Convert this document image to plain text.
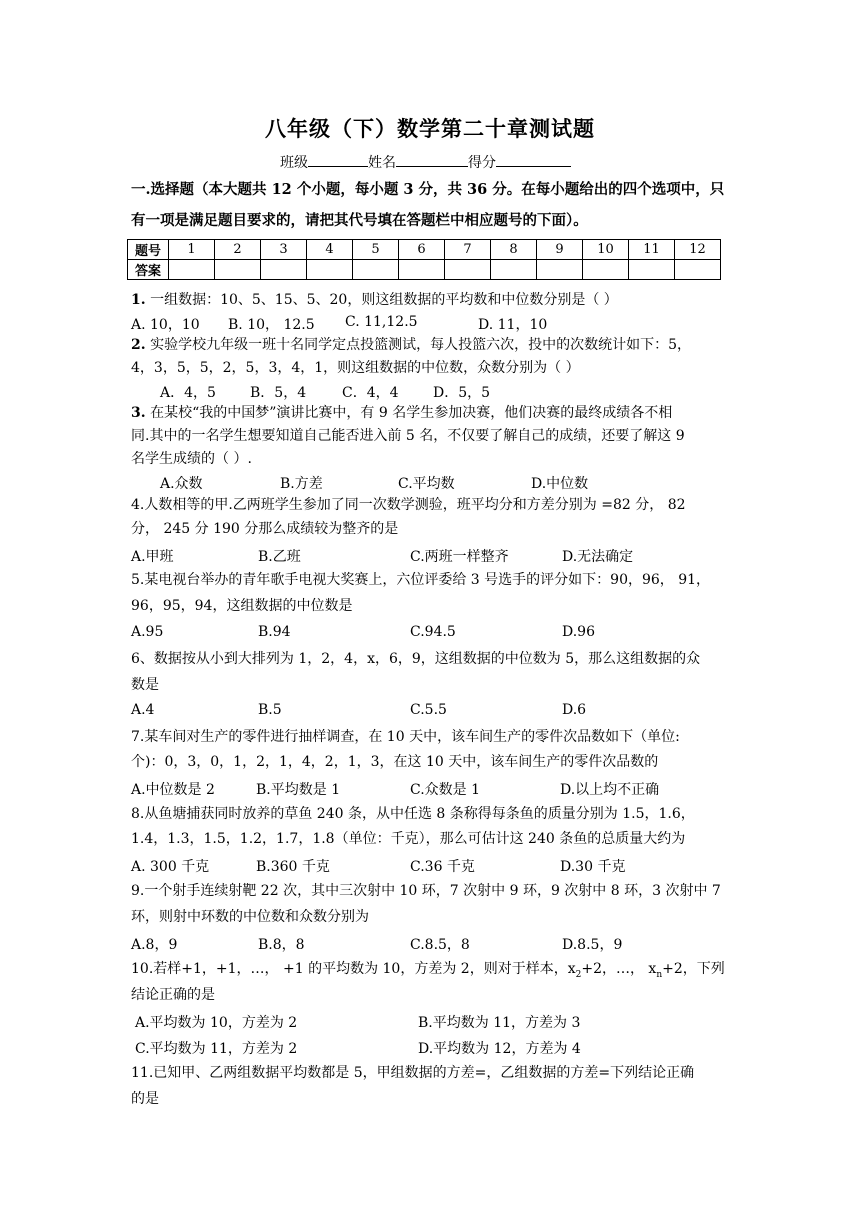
八年级（下）数学第二十章测试题
班级	姓名	得分
一.选择题（本大题共 12 个小题，每小题 3 分，共 36 分。在每小题给出的四个选项中，只
有一项是满足题目要求的，请把其代号填在答题栏中相应题号的下面）。
题号	1	2	3	4	5	6	7	8	9	10	11	12
答案												
1. 一组数据：10、5、15、5、20，则这组数据的平均数和中位数分别是（ ）
A. 10，10 B. 10， 12.5 C. 11,12.5	D. 11，10
2. 实验学校九年级一班十名同学定点投篮测试，每人投篮六次，投中的次数统计如下：5，
4，3，5，5，2，5，3，4，1，则这组数据的中位数，众数分别为（ ）
A．4，5 B．5，4	C．4，4 D．5，5
3. 在某校“我的中国梦”演讲比赛中，有 9 名学生参加决赛，他们决赛的最终成绩各不相
同.其中的一名学生想要知道自己能否进入前 5 名，不仅要了解自己的成绩，还要了解这 9
名学生成绩的（ ）.
A.众数	B.方差	C.平均数	D.中位数
4.人数相等的甲.乙两班学生参加了同一次数学测验，班平均分和方差分别为 =82 分， 82
分， 245 分 190 分那么成绩较为整齐的是
A.甲班	B.乙班	C.两班一样整齐	D.无法确定
5.某电视台举办的青年歌手电视大奖赛上，六位评委给 3 号选手的评分如下：90，96， 91，
96，95，94，这组数据的中位数是
A.95	B.94	C.94.5	D.96
6、数据按从小到大排列为 1，2，4，x，6，9，这组数据的中位数为 5，那么这组数据的众
数是
A.4	B.5	C.5.5	D.6
7.某车间对生产的零件进行抽样调查，在 10 天中，该车间生产的零件次品数如下（单位:
个)：0，3，0，1，2，1，4，2，1，3，在这 10 天中，该车间生产的零件次品数的
A.中位数是 2	B.平均数是 1	C.众数是 1	D.以上均不正确
8.从鱼塘捕获同时放养的草鱼 240 条，从中任选 8 条称得每条鱼的质量分别为 1.5，1.6，
1.4，1.3，1.5，1.2，1.7，1.8（单位：千克），那么可估计这 240 条鱼的总质量大约为
A. 300 千克	B.360 千克	C.36 千克	D.30 千克
9.一个射手连续射靶 22 次，其中三次射中 10 环，7 次射中 9 环，9 次射中 8 环，3 次射中 7
环，则射中环数的中位数和众数分别为
A.8，9	B.8，8	C.8.5，8	D.8.5，9
10.若样+1，+1，…， +1 的平均数为 10，方差为 2，则对于样本，$x_2+2$，…， $x_n+2$，下列
结论正确的是
A.平均数为 10，方差为 2	B.平均数为 11，方差为 3
C.平均数为 11，方差为 2	D.平均数为 12，方差为 4
11.已知甲、乙两组数据平均数都是 5，甲组数据的方差=，乙组数据的方差=下列结论正确
的是
